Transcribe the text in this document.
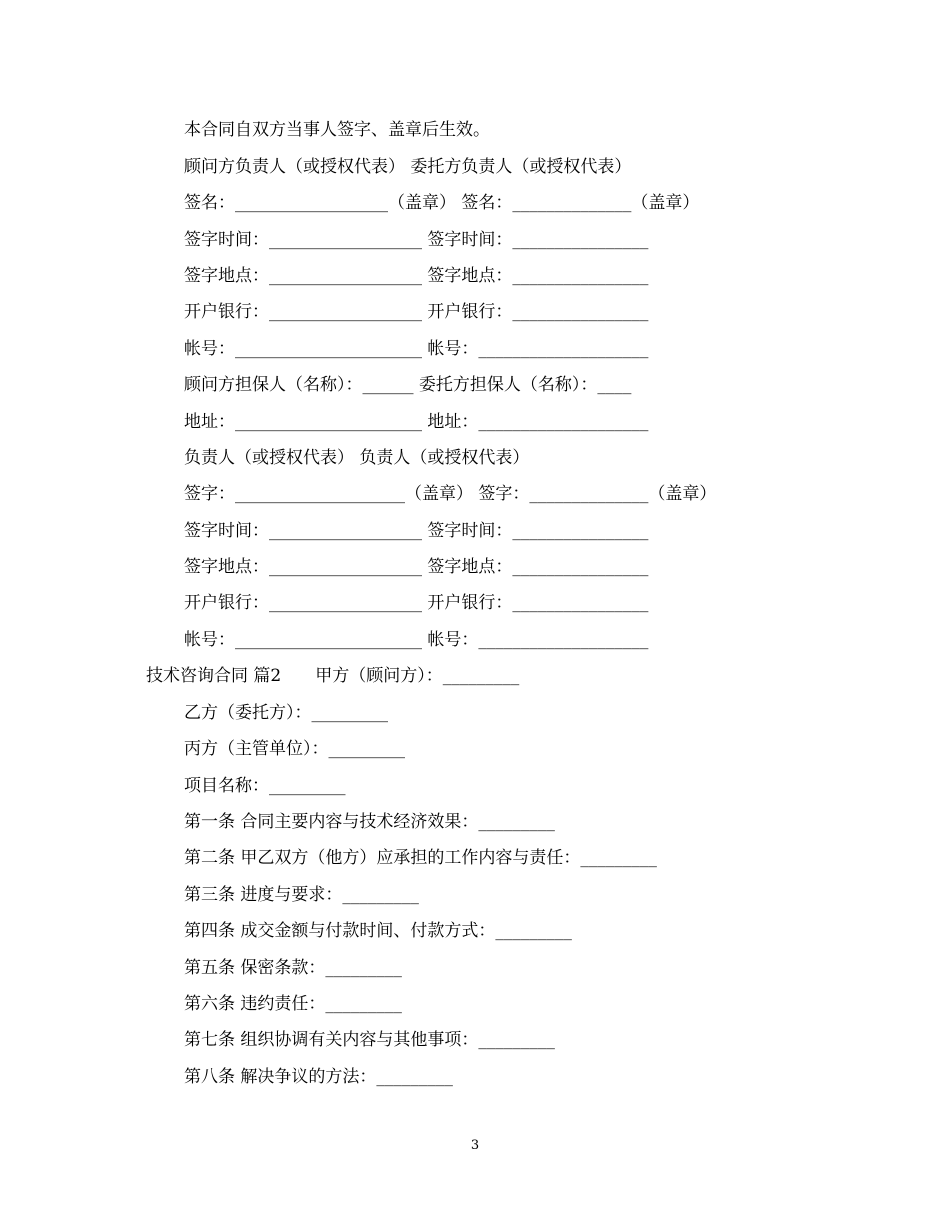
本合同自双方当事人签字、盖章后生效。
顾问方负责人（或授权代表） 委托方负责人（或授权代表）
签名：__________________（盖章） 签名：______________（盖章）
签字时间：__________________ 签字时间：________________
签字地点：__________________ 签字地点：________________
开户银行：__________________ 开户银行：________________
帐号：______________________ 帐号：____________________
顾问方担保人（名称）：______ 委托方担保人（名称）：____
地址：______________________ 地址：____________________
负责人（或授权代表） 负责人（或授权代表）
签字：____________________（盖章） 签字：______________（盖章）
签字时间：__________________ 签字时间：________________
签字地点：__________________ 签字地点：________________
开户银行：__________________ 开户银行：________________
帐号：______________________ 帐号：____________________
技术咨询合同 篇2　　甲方（顾问方）：_________
乙方（委托方）：_________
丙方（主管单位）：_________
项目名称：_________
第一条 合同主要内容与技术经济效果：_________
第二条 甲乙双方（他方）应承担的工作内容与责任：_________
第三条 进度与要求：_________
第四条 成交金额与付款时间、付款方式：_________
第五条 保密条款：_________
第六条 违约责任：_________
第七条 组织协调有关内容与其他事项：_________
第八条 解决争议的方法：_________
3
